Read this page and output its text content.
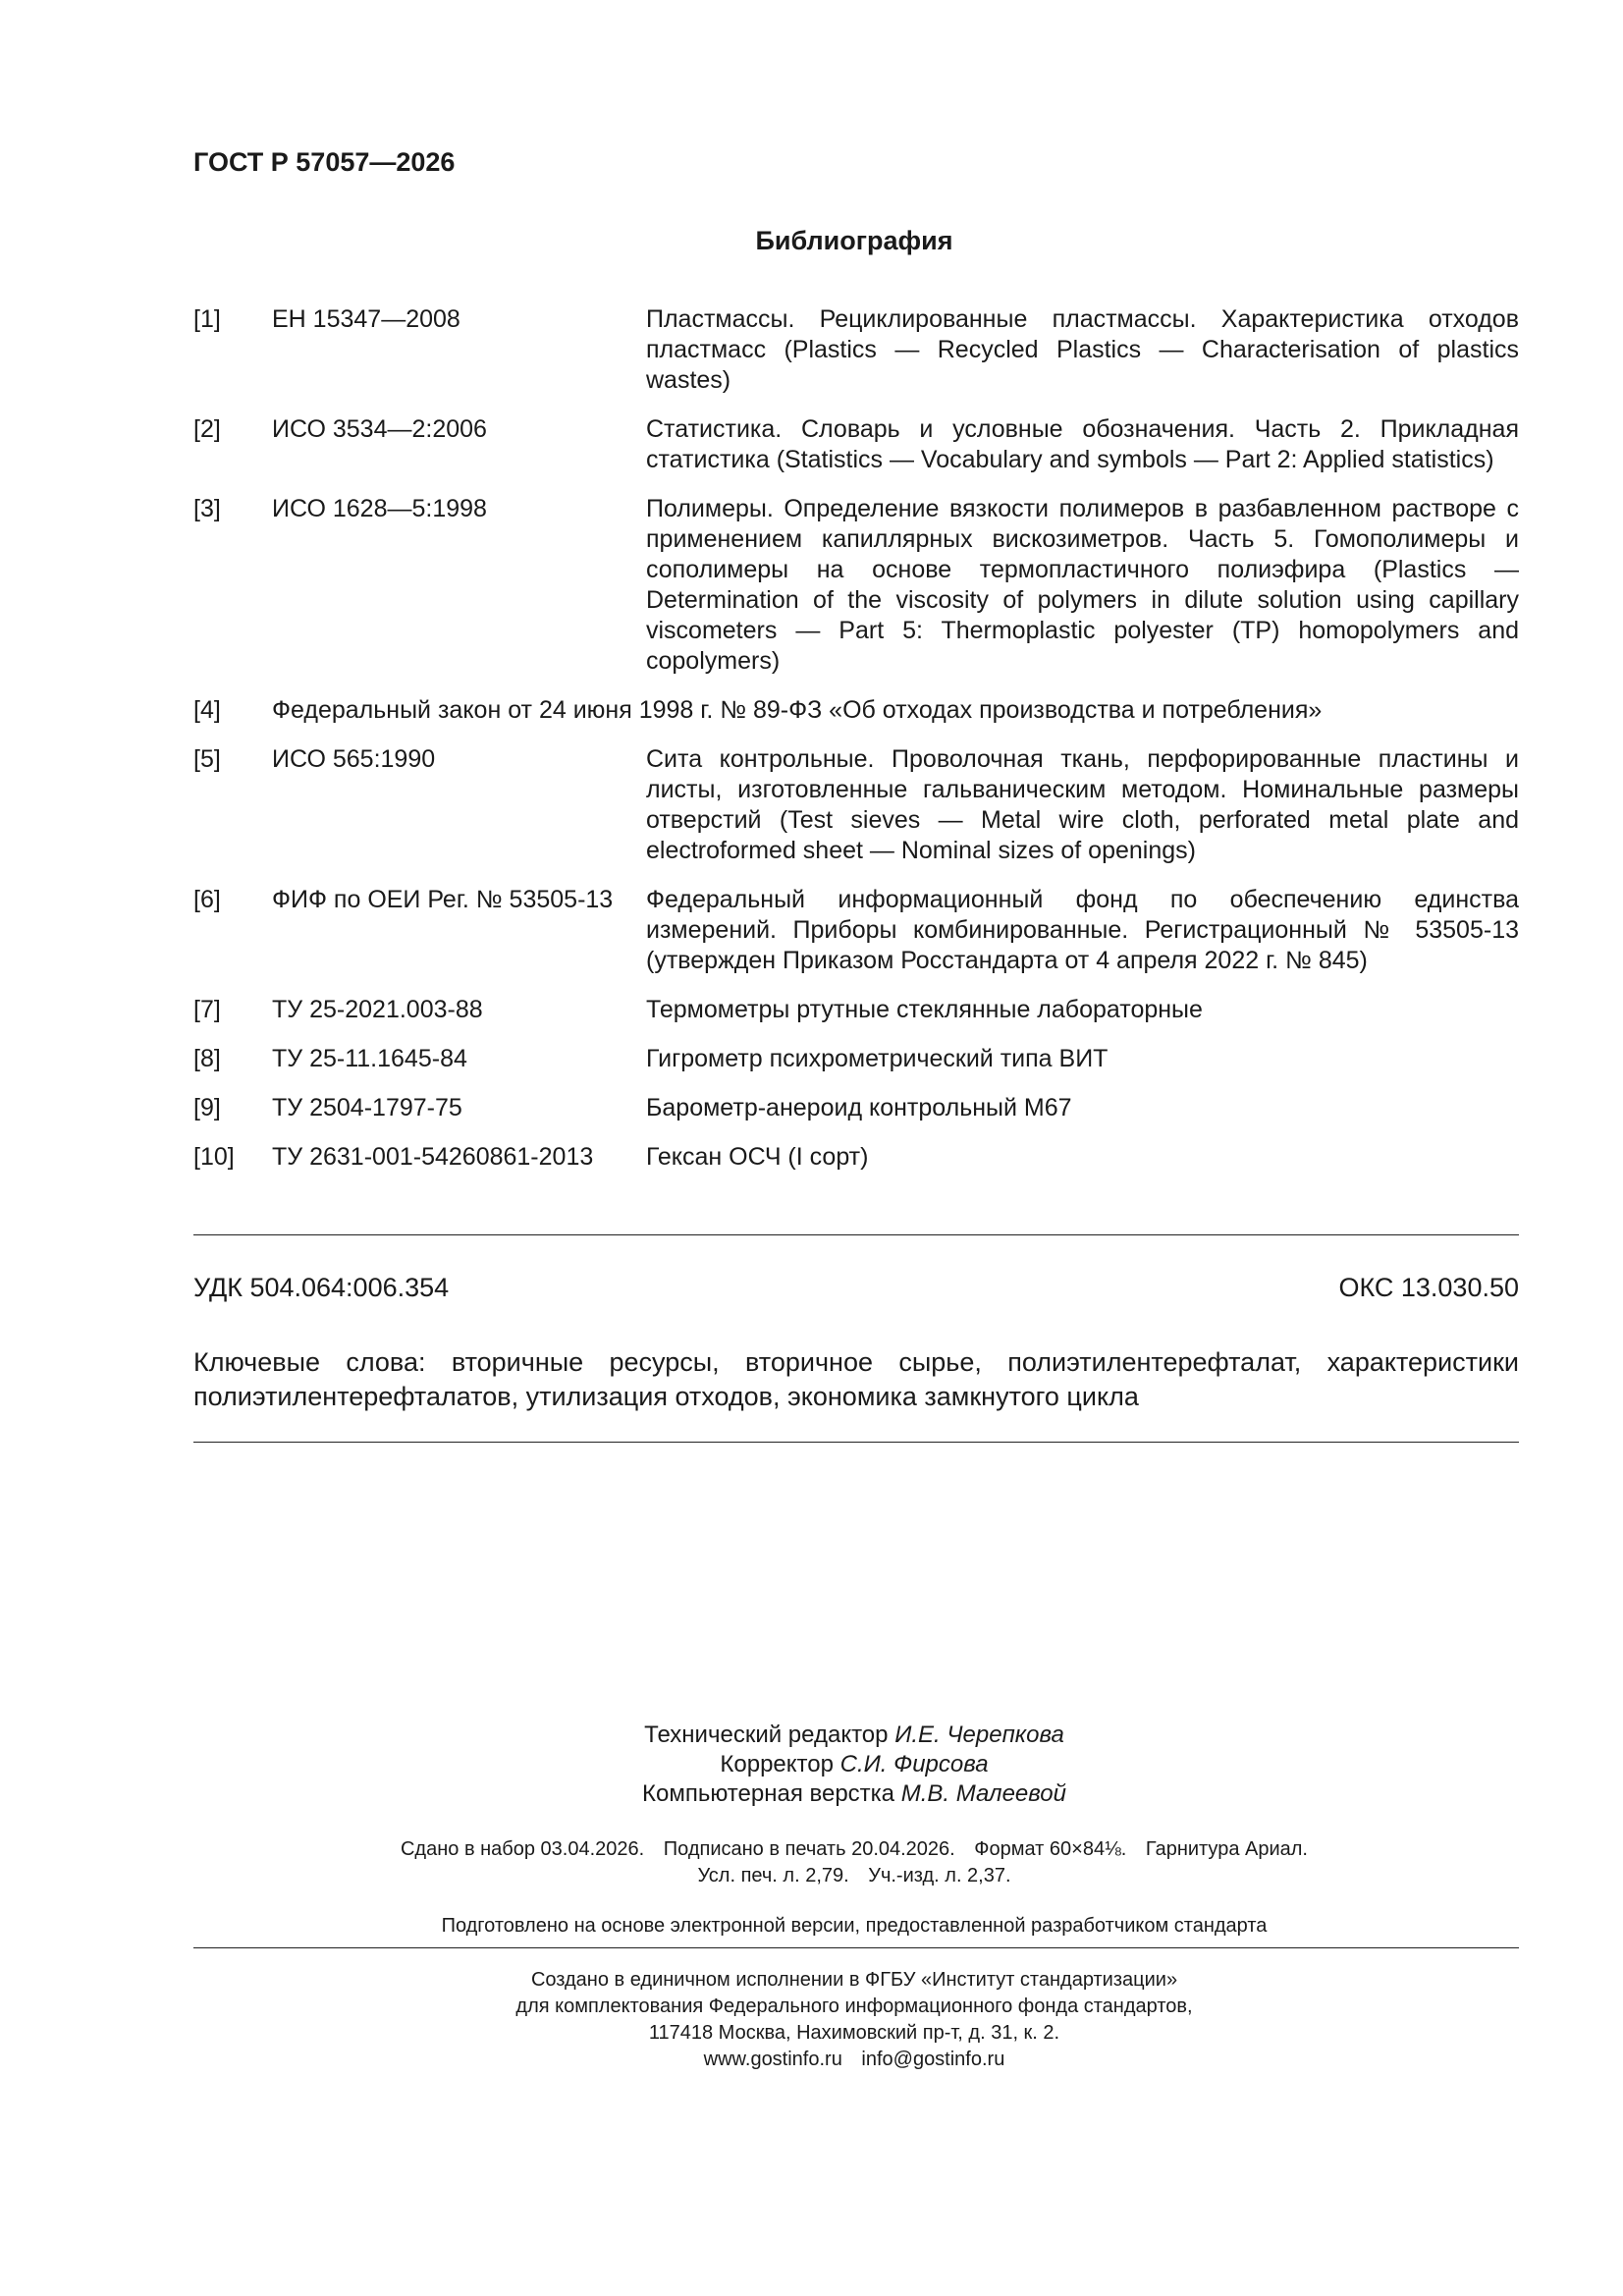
ГОСТ Р 57057—2026
Библиография
[1]	ЕН 15347—2008	Пластмассы. Рециклированные пластмассы. Характеристика отходов пластмасс (Plastics — Recycled Plastics — Characterisation of plastics wastes)
[2]	ИСО 3534—2:2006	Статистика. Словарь и условные обозначения. Часть 2. Прикладная статистика (Statistics — Vocabulary and symbols — Part 2: Applied statistics)
[3]	ИСО 1628—5:1998	Полимеры. Определение вязкости полимеров в разбавленном растворе с применением капиллярных вискозиметров. Часть 5. Гомополимеры и сополимеры на основе термопластичного полиэфира (Plastics — Determination of the viscosity of polymers in dilute solution using capillary viscometers — Part 5: Thermoplastic polyester (TP) homopolymers and copolymers)
[4]	Федеральный закон от 24 июня 1998 г. № 89-ФЗ «Об отходах производства и потребления»
[5]	ИСО 565:1990	Сита контрольные. Проволочная ткань, перфорированные пластины и листы, изготовленные гальваническим методом. Номинальные размеры отверстий (Test sieves — Metal wire cloth, perforated metal plate and electroformed sheet — Nominal sizes of openings)
[6]	ФИФ по ОЕИ Рег. № 53505-13	Федеральный информационный фонд по обеспечению единства измерений. Приборы комбинированные. Регистрационный № 53505-13 (утвержден Приказом Росстандарта от 4 апреля 2022 г. № 845)
[7]	ТУ 25-2021.003-88	Термометры ртутные стеклянные лабораторные
[8]	ТУ 25-11.1645-84	Гигрометр психрометрический типа ВИТ
[9]	ТУ 2504-1797-75	Барометр-анероид контрольный М67
[10]	ТУ 2631-001-54260861-2013	Гексан ОСЧ (I сорт)
УДК 504.064:006.354	ОКС 13.030.50
Ключевые слова: вторичные ресурсы, вторичное сырье, полиэтилентерефталат, характеристики полиэтилентерефталатов, утилизация отходов, экономика замкнутого цикла
Технический редактор И.Е. Черепкова
Корректор С.И. Фирсова
Компьютерная верстка М.В. Малеевой
Сдано в набор 03.04.2026. Подписано в печать 20.04.2026. Формат 60×84⅛. Гарнитура Ариал.
Усл. печ. л. 2,79. Уч.-изд. л. 2,37.
Подготовлено на основе электронной версии, предоставленной разработчиком стандарта
Создано в единичном исполнении в ФГБУ «Институт стандартизации»
для комплектования Федерального информационного фонда стандартов,
117418 Москва, Нахимовский пр-т, д. 31, к. 2.
www.gostinfo.ru info@gostinfo.ru
